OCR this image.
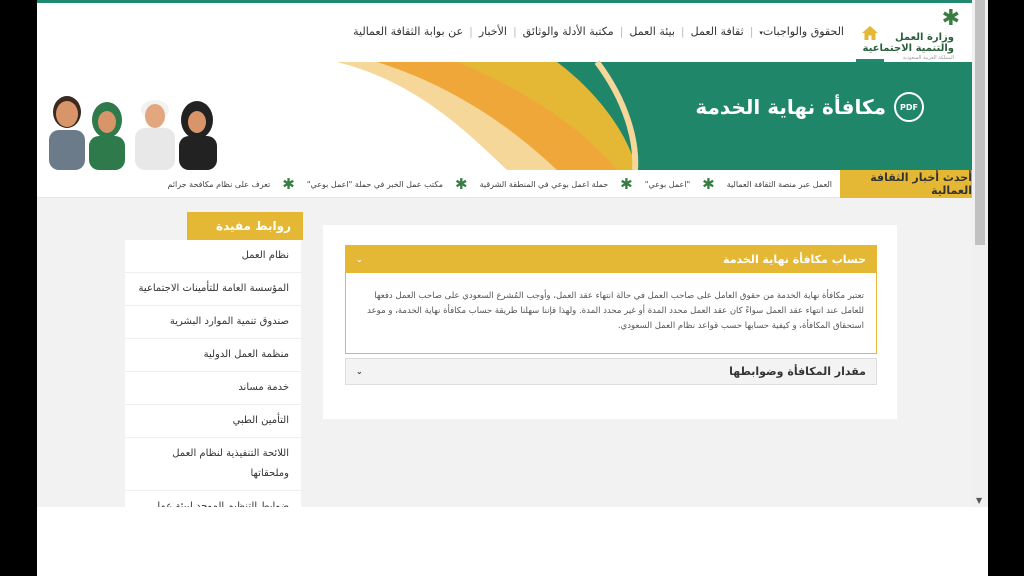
✱
وزارة العمل
والتنمية الاجتماعية
المملكة العربية السعودية
الحقوق والواجبات▾
|
ثقافة العمل
|
بيئة العمل
|
مكتبة الأدلة والوثائق
|
الأخبار
|
عن بوابة الثقافة العمالية
PDF
مكافأة نهاية الخدمة
أحدث أخبار الثقافة العمالية
العمل عبر منصة الثقافة العمالية
✱
"اعمل بوعي"
✱
حملة اعمل بوعي في المنطقة الشرقية
✱
مكتب عمل الخبر في حملة "اعمل بوعي"
✱
تعرف على نظام مكافحة جرائم
روابط مفيدة
نظام العمل
المؤسسة العامة للتأمينات الاجتماعية
صندوق تنمية الموارد البشرية
منظمة العمل الدولية
خدمة مساند
التأمين الطبي
اللائحة التنفيذية لنظام العمل وملحقاتها
حساب مكافأة نهاية الخدمة
⌄
تعتبر مكافأة نهاية الخدمة من حقوق العامل على صاحب العمل في حالة انتهاء عقد العمل، وأوجب المُشرع السعودي على صاحب العمل دفعها للعامل عند انتهاء عقد العمل سواءً كان عقد العمل محدد المدة أو غير محدد المدة. ولهذا فإننا سهلنا طريقة حساب مكافأة نهاية الخدمة، و موعد استحقاق المكافأة، و كيفية حسابها حسب قواعد نظام العمل السعودي.
مقدار المكافأة وضوابطها
⌄
▼
